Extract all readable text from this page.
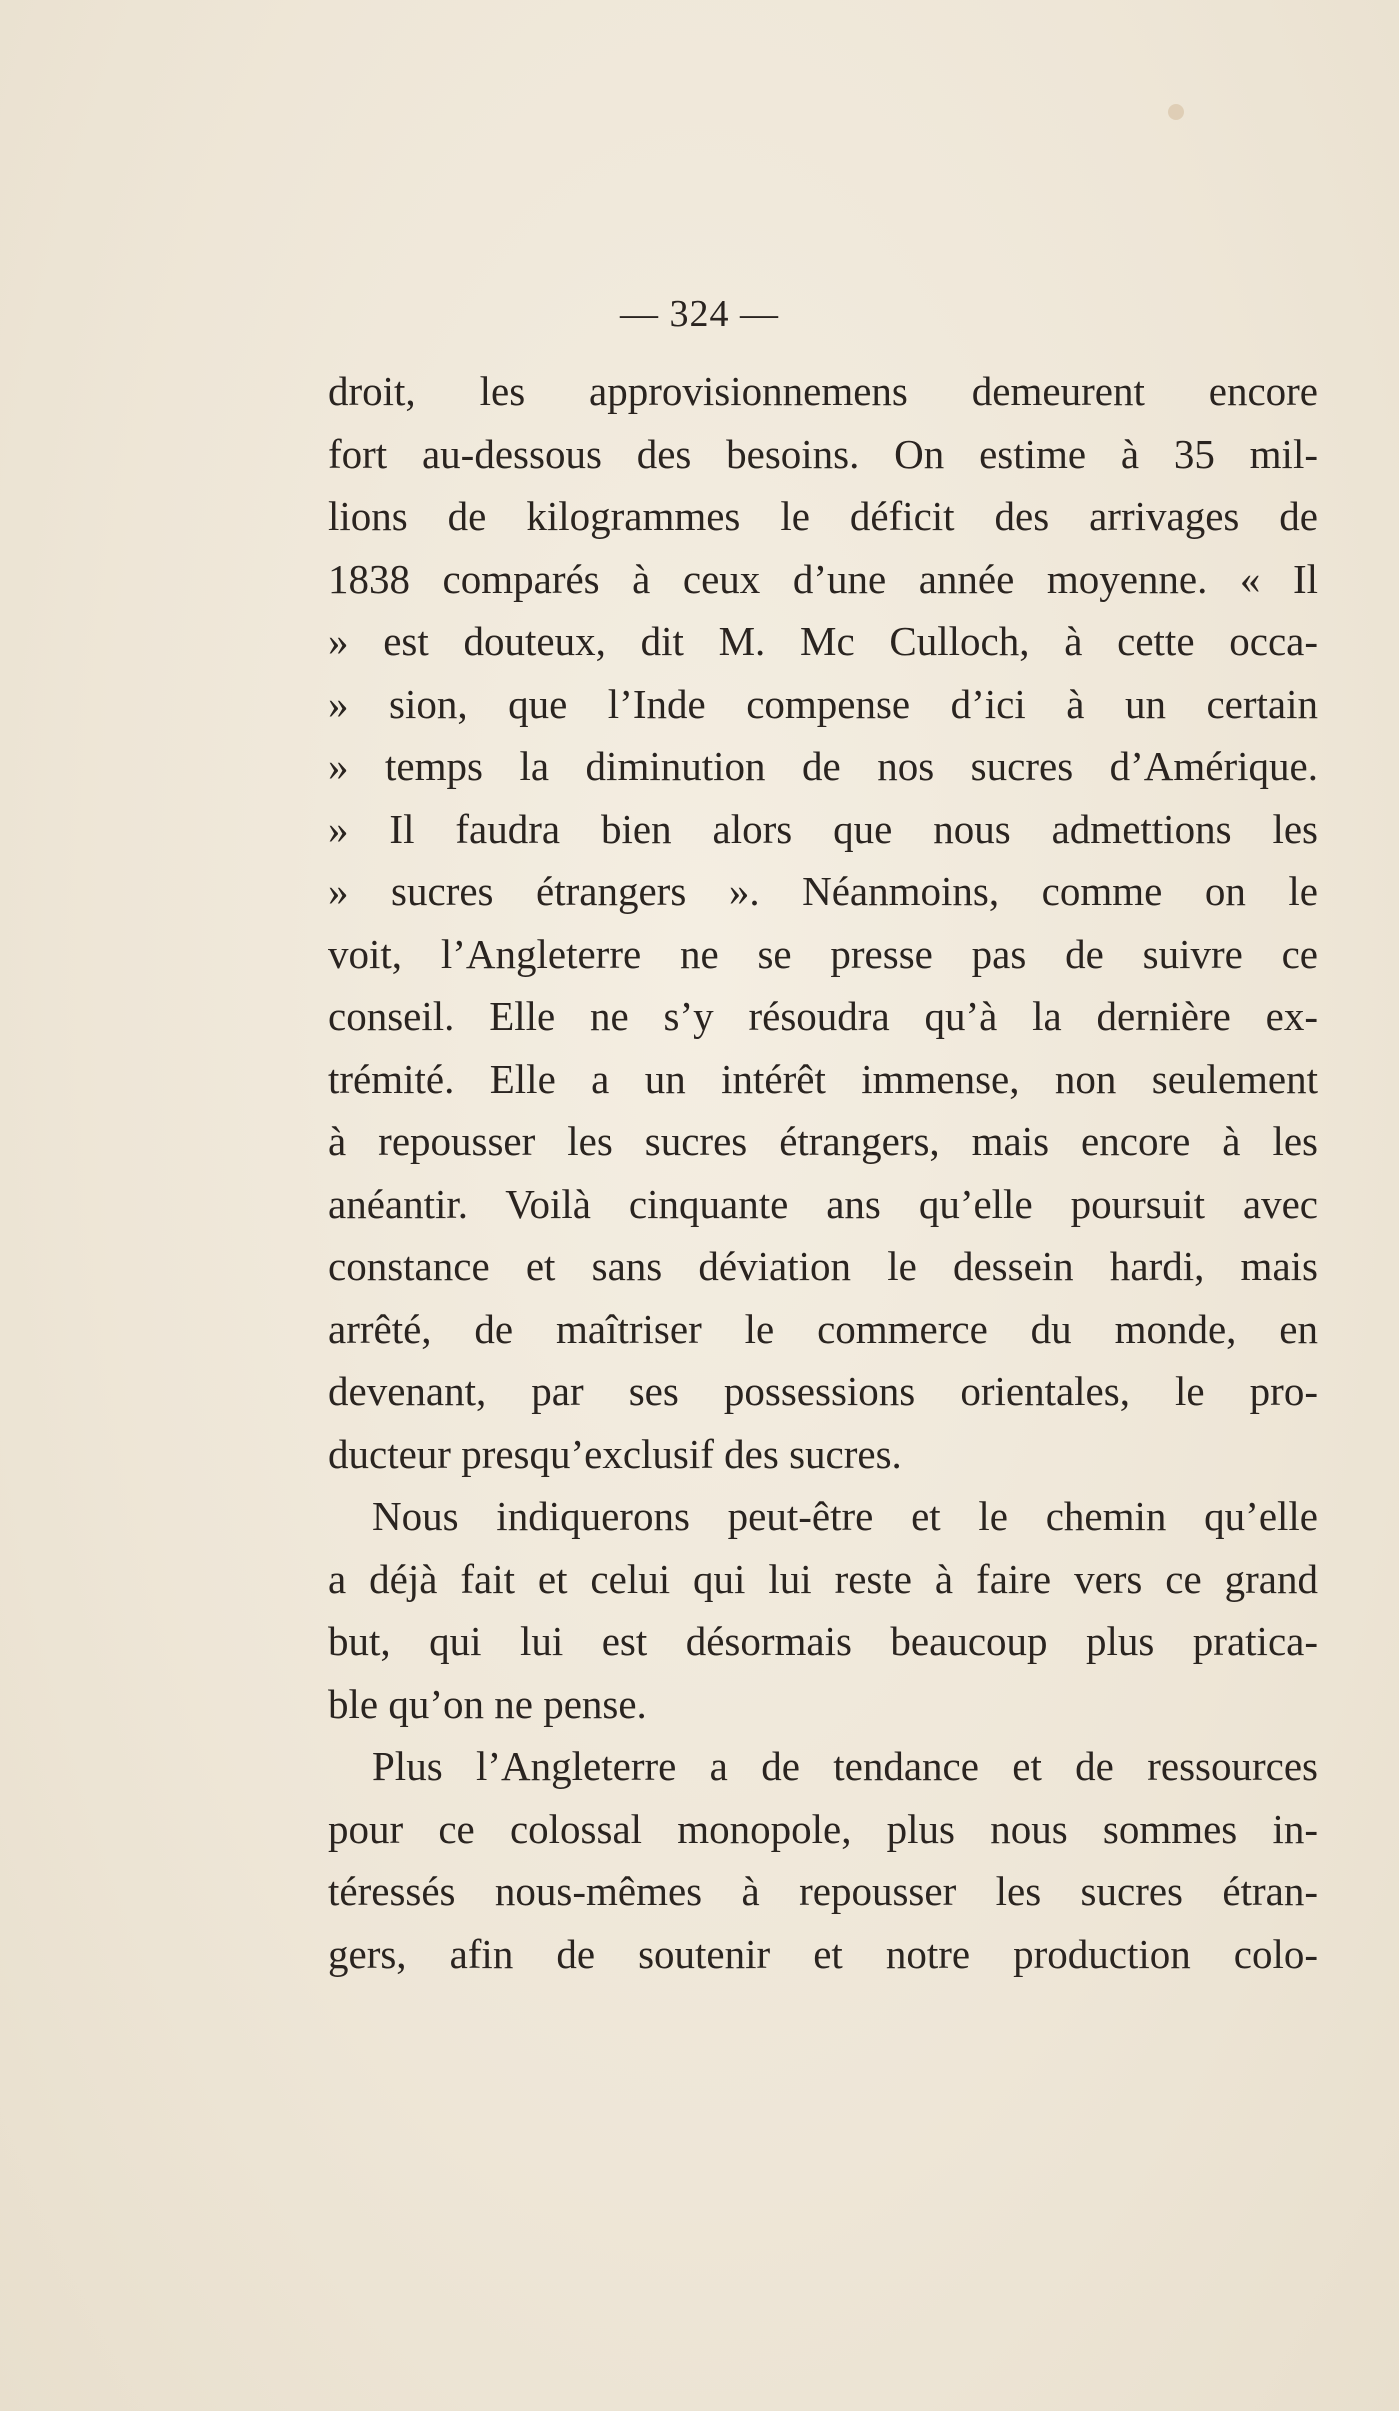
— 324 —
droit, les approvisionnemens demeurent encore
fort au-dessous des besoins. On estime à 35 mil-
lions de kilogrammes le déficit des arrivages de
1838 comparés à ceux d’une année moyenne. « Il
» est douteux, dit M. Mc Culloch, à cette occa-
» sion, que l’Inde compense d’ici à un certain
» temps la diminution de nos sucres d’Amérique.
» Il faudra bien alors que nous admettions les
» sucres étrangers ». Néanmoins, comme on le
voit, l’Angleterre ne se presse pas de suivre ce
conseil. Elle ne s’y résoudra qu’à la dernière ex-
trémité. Elle a un intérêt immense, non seulement
à repousser les sucres étrangers, mais encore à les
anéantir. Voilà cinquante ans qu’elle poursuit avec
constance et sans déviation le dessein hardi, mais
arrêté, de maîtriser le commerce du monde, en
devenant, par ses possessions orientales, le pro-
ducteur presqu’exclusif des sucres.
Nous indiquerons peut-être et le chemin qu’elle
a déjà fait et celui qui lui reste à faire vers ce grand
but, qui lui est désormais beaucoup plus pratica-
ble qu’on ne pense.
Plus l’Angleterre a de tendance et de ressources
pour ce colossal monopole, plus nous sommes in-
téressés nous-mêmes à repousser les sucres étran-
gers, afin de soutenir et notre production colo-
